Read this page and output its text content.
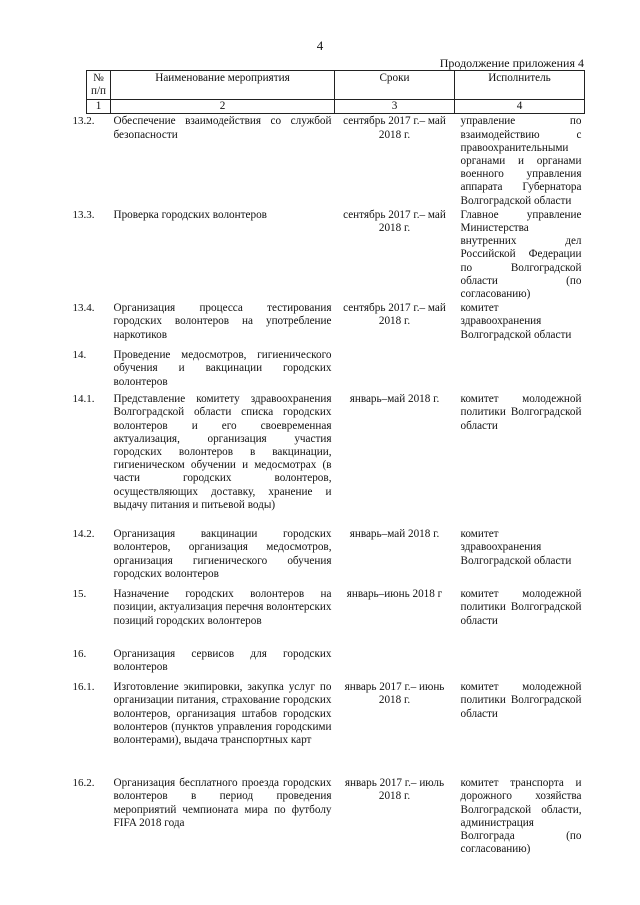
4
Продолжение приложения 4
№ п/п	Наименование мероприятия	Сроки	Исполнитель
1	2	3	4
13.2.	Обеспечение взаимодействия со службой безопасности	сентябрь 2017 г.– май 2018 г.	управление по взаимодействию с правоохранительными органами и органами военного управления аппарата Губернатора Волгоградской области
13.3.	Проверка городских волонтеров	сентябрь 2017 г.– май 2018 г.	Главное управление Министерства внутренних дел Российской Федерации по Волгоградской области (по согласованию)
13.4.	Организация процесса тестирования городских волонтеров на употребление наркотиков	сентябрь 2017 г.– май 2018 г.	комитет здравоохранения Волгоградской области
14.	Проведение медосмотров, гигиенического обучения и вакцинации городских волонтеров		
14.1.	Представление комитету здравоохранения Волгоградской области списка городских волонтеров и его своевременная актуализация, организация участия городских волонтеров в вакцинации, гигиеническом обучении и медосмотрах (в части городских волонтеров, осуществляющих доставку, хранение и выдачу питания и питьевой воды)	январь–май 2018 г.	комитет молодежной политики Волгоградской области
14.2.	Организация вакцинации городских волонтеров, организация медосмотров, организация гигиенического обучения городских волонтеров	январь–май 2018 г.	комитет здравоохранения Волгоградской области
15.	Назначение городских волонтеров на позиции, актуализация перечня волонтерских позиций городских волонтеров	январь–июнь 2018 г	комитет молодежной политики Волгоградской области
16.	Организация сервисов для городских волонтеров		
16.1.	Изготовление экипировки, закупка услуг по организации питания, страхование городских волонтеров, организация штабов городских волонтеров (пунктов управления городскими волонтерами), выдача транспортных карт	январь 2017 г.– июнь 2018 г.	комитет молодежной политики Волгоградской области
16.2.	Организация бесплатного проезда городских волонтеров в период проведения мероприятий чемпионата мира по футболу FIFA 2018 года	январь 2017 г.– июль 2018 г.	комитет транспорта и дорожного хозяйства Волгоградской области, администрация Волгограда (по согласованию)
